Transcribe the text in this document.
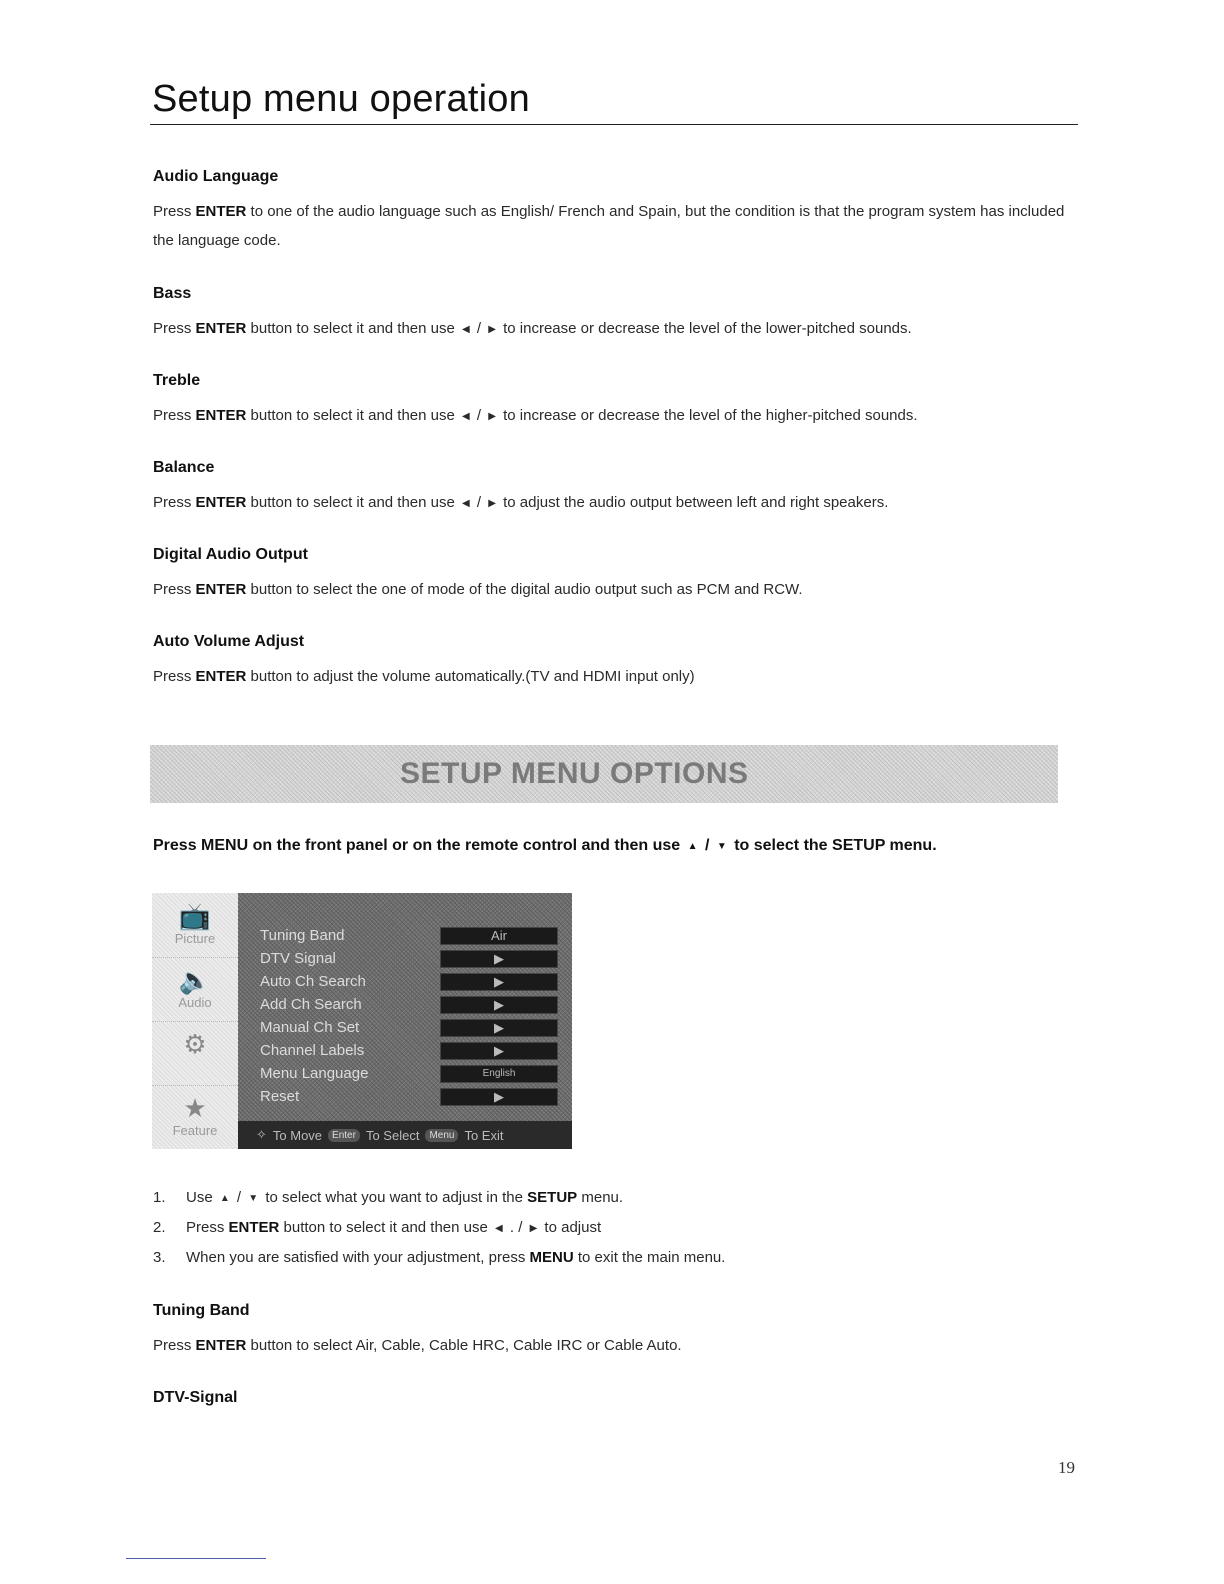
Setup menu operation
Audio Language

Press ENTER to one of the audio language such as English/ French and Spain, but the condition is that the program system has included the language code.

Bass

Press ENTER button to select it and then use ◀ / ▶ to increase or decrease the level of the lower-pitched sounds.

Treble

Press ENTER button to select it and then use ◀ / ▶ to increase or decrease the level of the higher-pitched sounds.

Balance

Press ENTER button to select it and then use ◀ / ▶ to adjust the audio output between left and right speakers.

Digital Audio Output

Press ENTER button to select the one of mode of the digital audio output such as PCM and RCW.

Auto Volume Adjust

Press ENTER button to adjust the volume automatically.(TV and HDMI input only)

SETUP MENU OPTIONS
Press MENU on the front panel or on the remote control and then use ▲ / ▼ to select the SETUP menu.
📺
Picture
🔈
Audio
⚙
★
Feature
Tuning Band	Air
DTV Signal	▶
Auto Ch Search	▶
Add Ch Search	▶
Manual Ch Set	▶
Channel Labels	▶
Menu Language	English
Reset	▶
✧ To Move	Enter To Select	Menu To Exit
1. Use ▲ / ▼ to select what you want to adjust in the SETUP menu.
2. Press ENTER button to select it and then use ◀ . / ▶ to adjust
3. When you are satisfied with your adjustment, press MENU to exit the main menu.
Tuning Band

Press ENTER button to select Air, Cable, Cable HRC, Cable IRC or Cable Auto.

DTV-Signal
19
